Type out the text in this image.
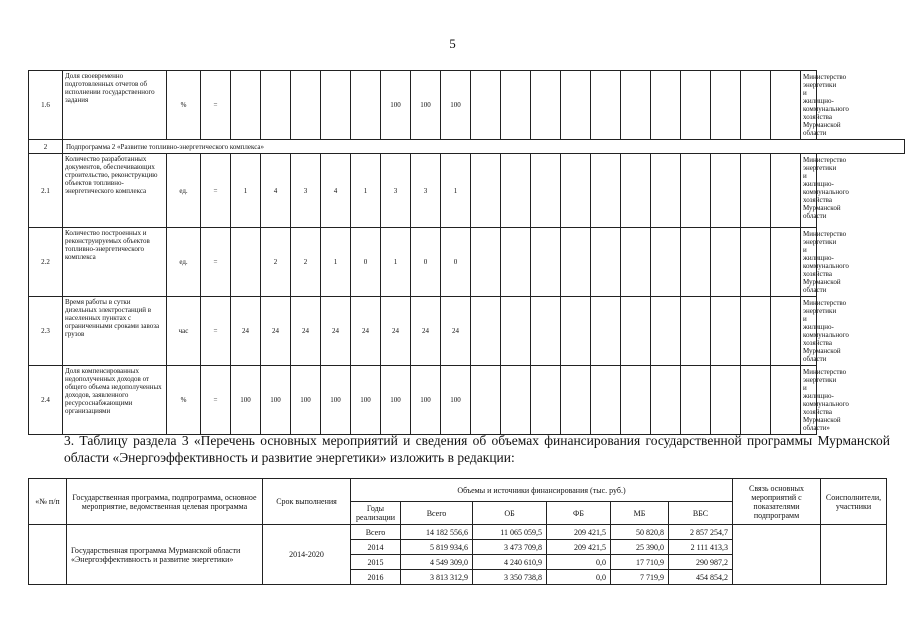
5
1.6	Доля своевременно подготовленных отчетов об исполнении государственного задания	%	=						100	100	100												Министерство энергетики и жилищно-коммунального хозяйства Мурманской области
2	Подпрограмма 2 «Развитие топливно-энергетического комплекса»																						
2.1	Количество разработанных документов, обеспечивающих строительство, реконструкцию объектов топливно-энергетического комплекса	ед.	=	1	4	3	4	1	3	3	1												Министерство энергетики и жилищно-коммунального хозяйства Мурманской области
2.2	Количество построенных и реконструируемых объектов топливно-энергетического комплекса	ед.	=		2	2	1	0	1	0	0												Министерство энергетики и жилищно-коммунального хозяйства Мурманской области
2.3	Время работы в сутки дизельных электростанций в населенных пунктах с ограниченными сроками завоза грузов	час	=	24	24	24	24	24	24	24	24												Министерство энергетики и жилищно-коммунального хозяйства Мурманской области
2.4	Доля компенсированных недополученных доходов от общего объема недополученных доходов, заявленного ресурсоснабжающими организациями	%	=	100	100	100	100	100	100	100	100												Министерство энергетики и жилищно-коммунального хозяйства Мурманской области»
3. Таблицу раздела 3 «Перечень основных мероприятий и сведения об объемах финансирования государственной программы Мурманской области «Энергоэффективность и развитие энергетики» изложить в редакции:
«№ п/п	Государственная программа, подпрограмма, основное мероприятие, ведомственная целевая программа	Срок выполнения	Объемы и источники финансирования (тыс. руб.)						Связь основных мероприятий с показателями подпрограмм	Соисполнители, участники
			Годы реализации	Всего	ОБ	ФБ	МБ	ВБС		
	Государственная программа Мурманской области «Энергоэффективность и развитие энергетики»	2014-2020	Всего	14 182 556,6	11 065 059,5	209 421,5	50 820,8	2 857 254,7		
			2014	5 819 934,6	3 473 709,8	209 421,5	25 390,0	2 111 413,3		
			2015	4 549 309,0	4 240 610,9	0,0	17 710,9	290 987,2		
			2016	3 813 312,9	3 350 738,8	0,0	7 719,9	454 854,2		
